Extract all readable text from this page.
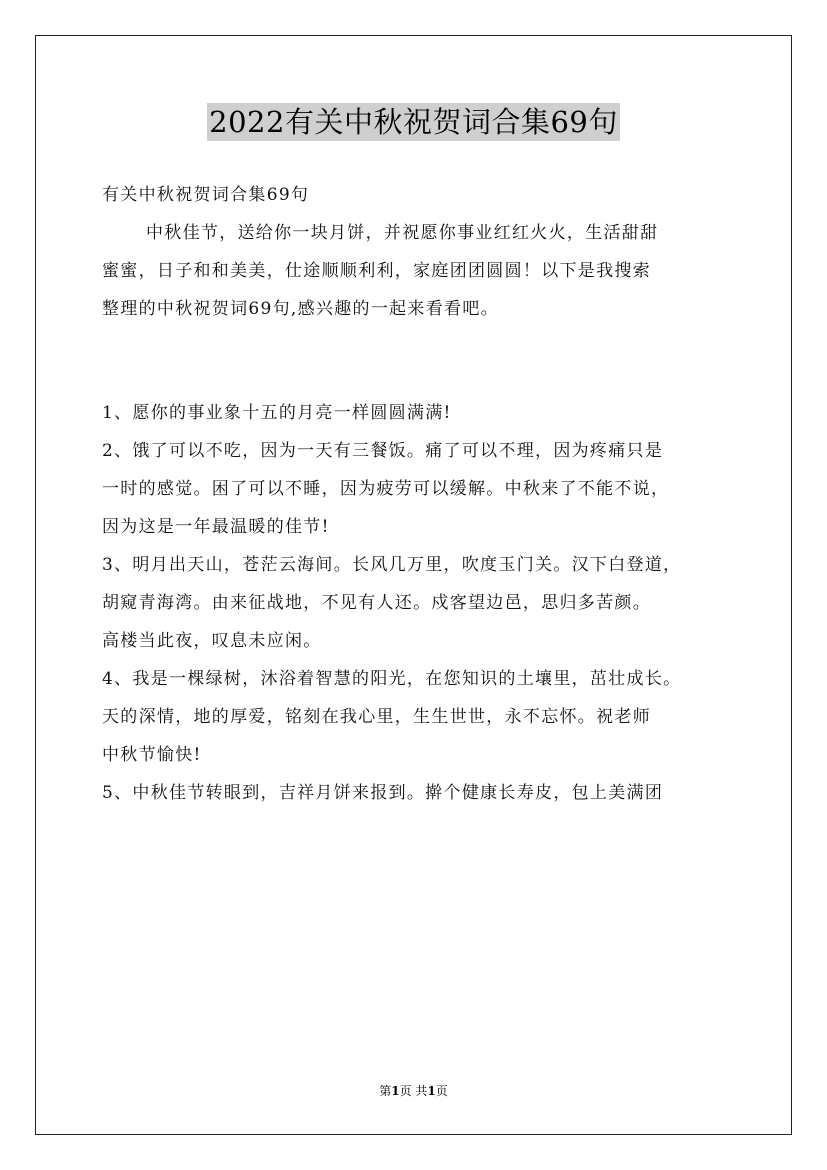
2022有关中秋祝贺词合集69句
有关中秋祝贺词合集69句
中秋佳节，送给你一块月饼，并祝愿你事业红红火火，生活甜甜
蜜蜜，日子和和美美，仕途顺顺利利，家庭团团圆圆！以下是我搜索
整理的中秋祝贺词69句,感兴趣的一起来看看吧。
1、愿你的事业象十五的月亮一样圆圆满满!
2、饿了可以不吃，因为一天有三餐饭。痛了可以不理，因为疼痛只是
一时的感觉。困了可以不睡，因为疲劳可以缓解。中秋来了不能不说，
因为这是一年最温暖的佳节!
3、明月出天山，苍茫云海间。长风几万里，吹度玉门关。汉下白登道，
胡窥青海湾。由来征战地，不见有人还。戍客望边邑，思归多苦颜。
高楼当此夜，叹息未应闲。
4、我是一棵绿树，沐浴着智慧的阳光，在您知识的土壤里，茁壮成长。
天的深情，地的厚爱，铭刻在我心里，生生世世，永不忘怀。祝老师
中秋节愉快!
5、中秋佳节转眼到，吉祥月饼来报到。擀个健康长寿皮，包上美满团
第1页 共1页
